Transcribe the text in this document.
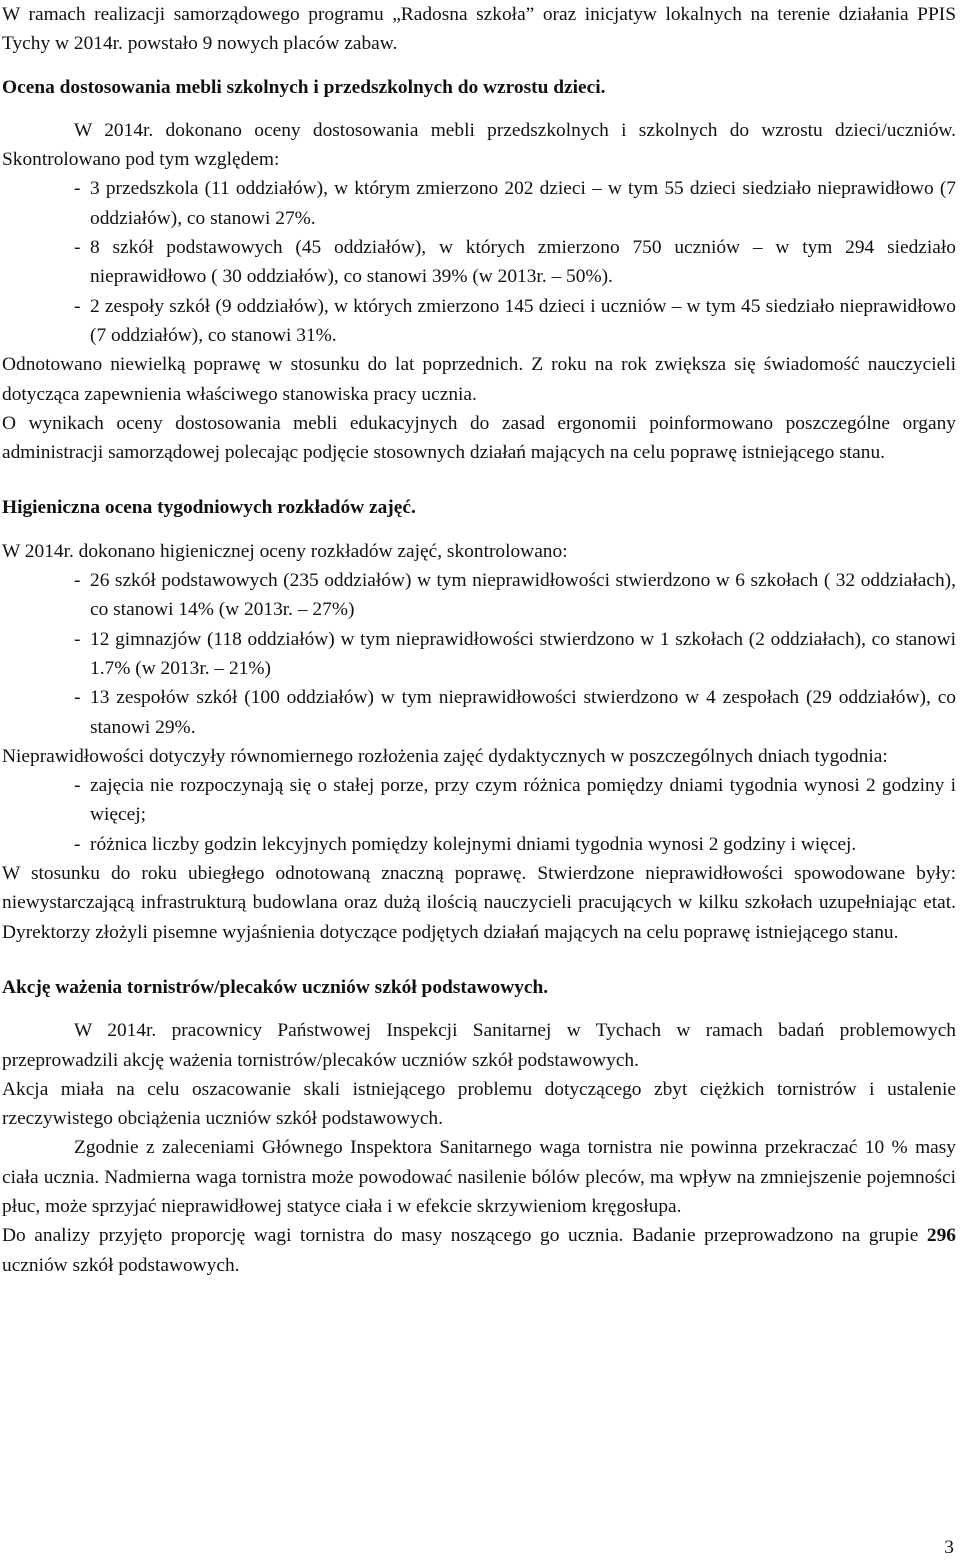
W ramach realizacji samorządowego programu „Radosna szkoła” oraz inicjatyw lokalnych na terenie działania PPIS Tychy w 2014r. powstało 9 nowych placów zabaw.

Ocena dostosowania mebli szkolnych i przedszkolnych do wzrostu dzieci.

W 2014r. dokonano oceny dostosowania mebli przedszkolnych i szkolnych do wzrostu dzieci/uczniów. Skontrolowano pod tym względem:

- 3 przedszkola (11 oddziałów), w którym zmierzono 202 dzieci – w tym 55 dzieci siedziało nieprawidłowo (7 oddziałów), co stanowi 27%.
- 8 szkół podstawowych (45 oddziałów), w których zmierzono 750 uczniów – w tym 294 siedziało nieprawidłowo ( 30 oddziałów), co stanowi 39% (w 2013r. – 50%).
- 2 zespoły szkół (9 oddziałów), w których zmierzono 145 dzieci i uczniów – w tym 45 siedziało nieprawidłowo (7 oddziałów), co stanowi 31%.

Odnotowano niewielką poprawę w stosunku do lat poprzednich. Z roku na rok zwiększa się świadomość nauczycieli dotycząca zapewnienia właściwego stanowiska pracy ucznia.

O wynikach oceny dostosowania mebli edukacyjnych do zasad ergonomii poinformowano poszczególne organy administracji samorządowej polecając podjęcie stosownych działań mających na celu poprawę istniejącego stanu.

Higieniczna ocena tygodniowych rozkładów zajęć.

W 2014r. dokonano higienicznej oceny rozkładów zajęć, skontrolowano:

- 26 szkół podstawowych (235 oddziałów) w tym nieprawidłowości stwierdzono w 6 szkołach ( 32 oddziałach), co stanowi 14% (w 2013r. – 27%)
- 12 gimnazjów (118 oddziałów) w tym nieprawidłowości stwierdzono w 1 szkołach (2 oddziałach), co stanowi 1.7% (w 2013r. – 21%)
- 13 zespołów szkół (100 oddziałów) w tym nieprawidłowości stwierdzono w 4 zespołach (29 oddziałów), co stanowi 29%.

Nieprawidłowości dotyczyły równomiernego rozłożenia zajęć dydaktycznych w poszczególnych dniach tygodnia:

- zajęcia nie rozpoczynają się o stałej porze, przy czym różnica pomiędzy dniami tygodnia wynosi 2 godziny i więcej;
- różnica liczby godzin lekcyjnych pomiędzy kolejnymi dniami tygodnia wynosi 2 godziny i więcej.

W stosunku do roku ubiegłego odnotowaną znaczną poprawę. Stwierdzone nieprawidłowości spowodowane były: niewystarczającą infrastrukturą budowlana oraz dużą ilością nauczycieli pracujących w kilku szkołach uzupełniając etat. Dyrektorzy złożyli pisemne wyjaśnienia dotyczące podjętych działań mających na celu poprawę istniejącego stanu.

Akcję ważenia tornistrów/plecaków uczniów szkół podstawowych.

W 2014r. pracownicy Państwowej Inspekcji Sanitarnej w Tychach w ramach badań problemowych przeprowadzili akcję ważenia tornistrów/plecaków uczniów szkół podstawowych.

Akcja miała na celu oszacowanie skali istniejącego problemu dotyczącego zbyt ciężkich tornistrów i ustalenie rzeczywistego obciążenia uczniów szkół podstawowych.

Zgodnie z zaleceniami Głównego Inspektora Sanitarnego waga tornistra nie powinna przekraczać 10 % masy ciała ucznia. Nadmierna waga tornistra może powodować nasilenie bólów pleców, ma wpływ na zmniejszenie pojemności płuc, może sprzyjać nieprawidłowej statyce ciała i w efekcie skrzywieniom kręgosłupa.

Do analizy przyjęto proporcję wagi tornistra do masy noszącego go ucznia. Badanie przeprowadzono na grupie 296 uczniów szkół podstawowych.

3
